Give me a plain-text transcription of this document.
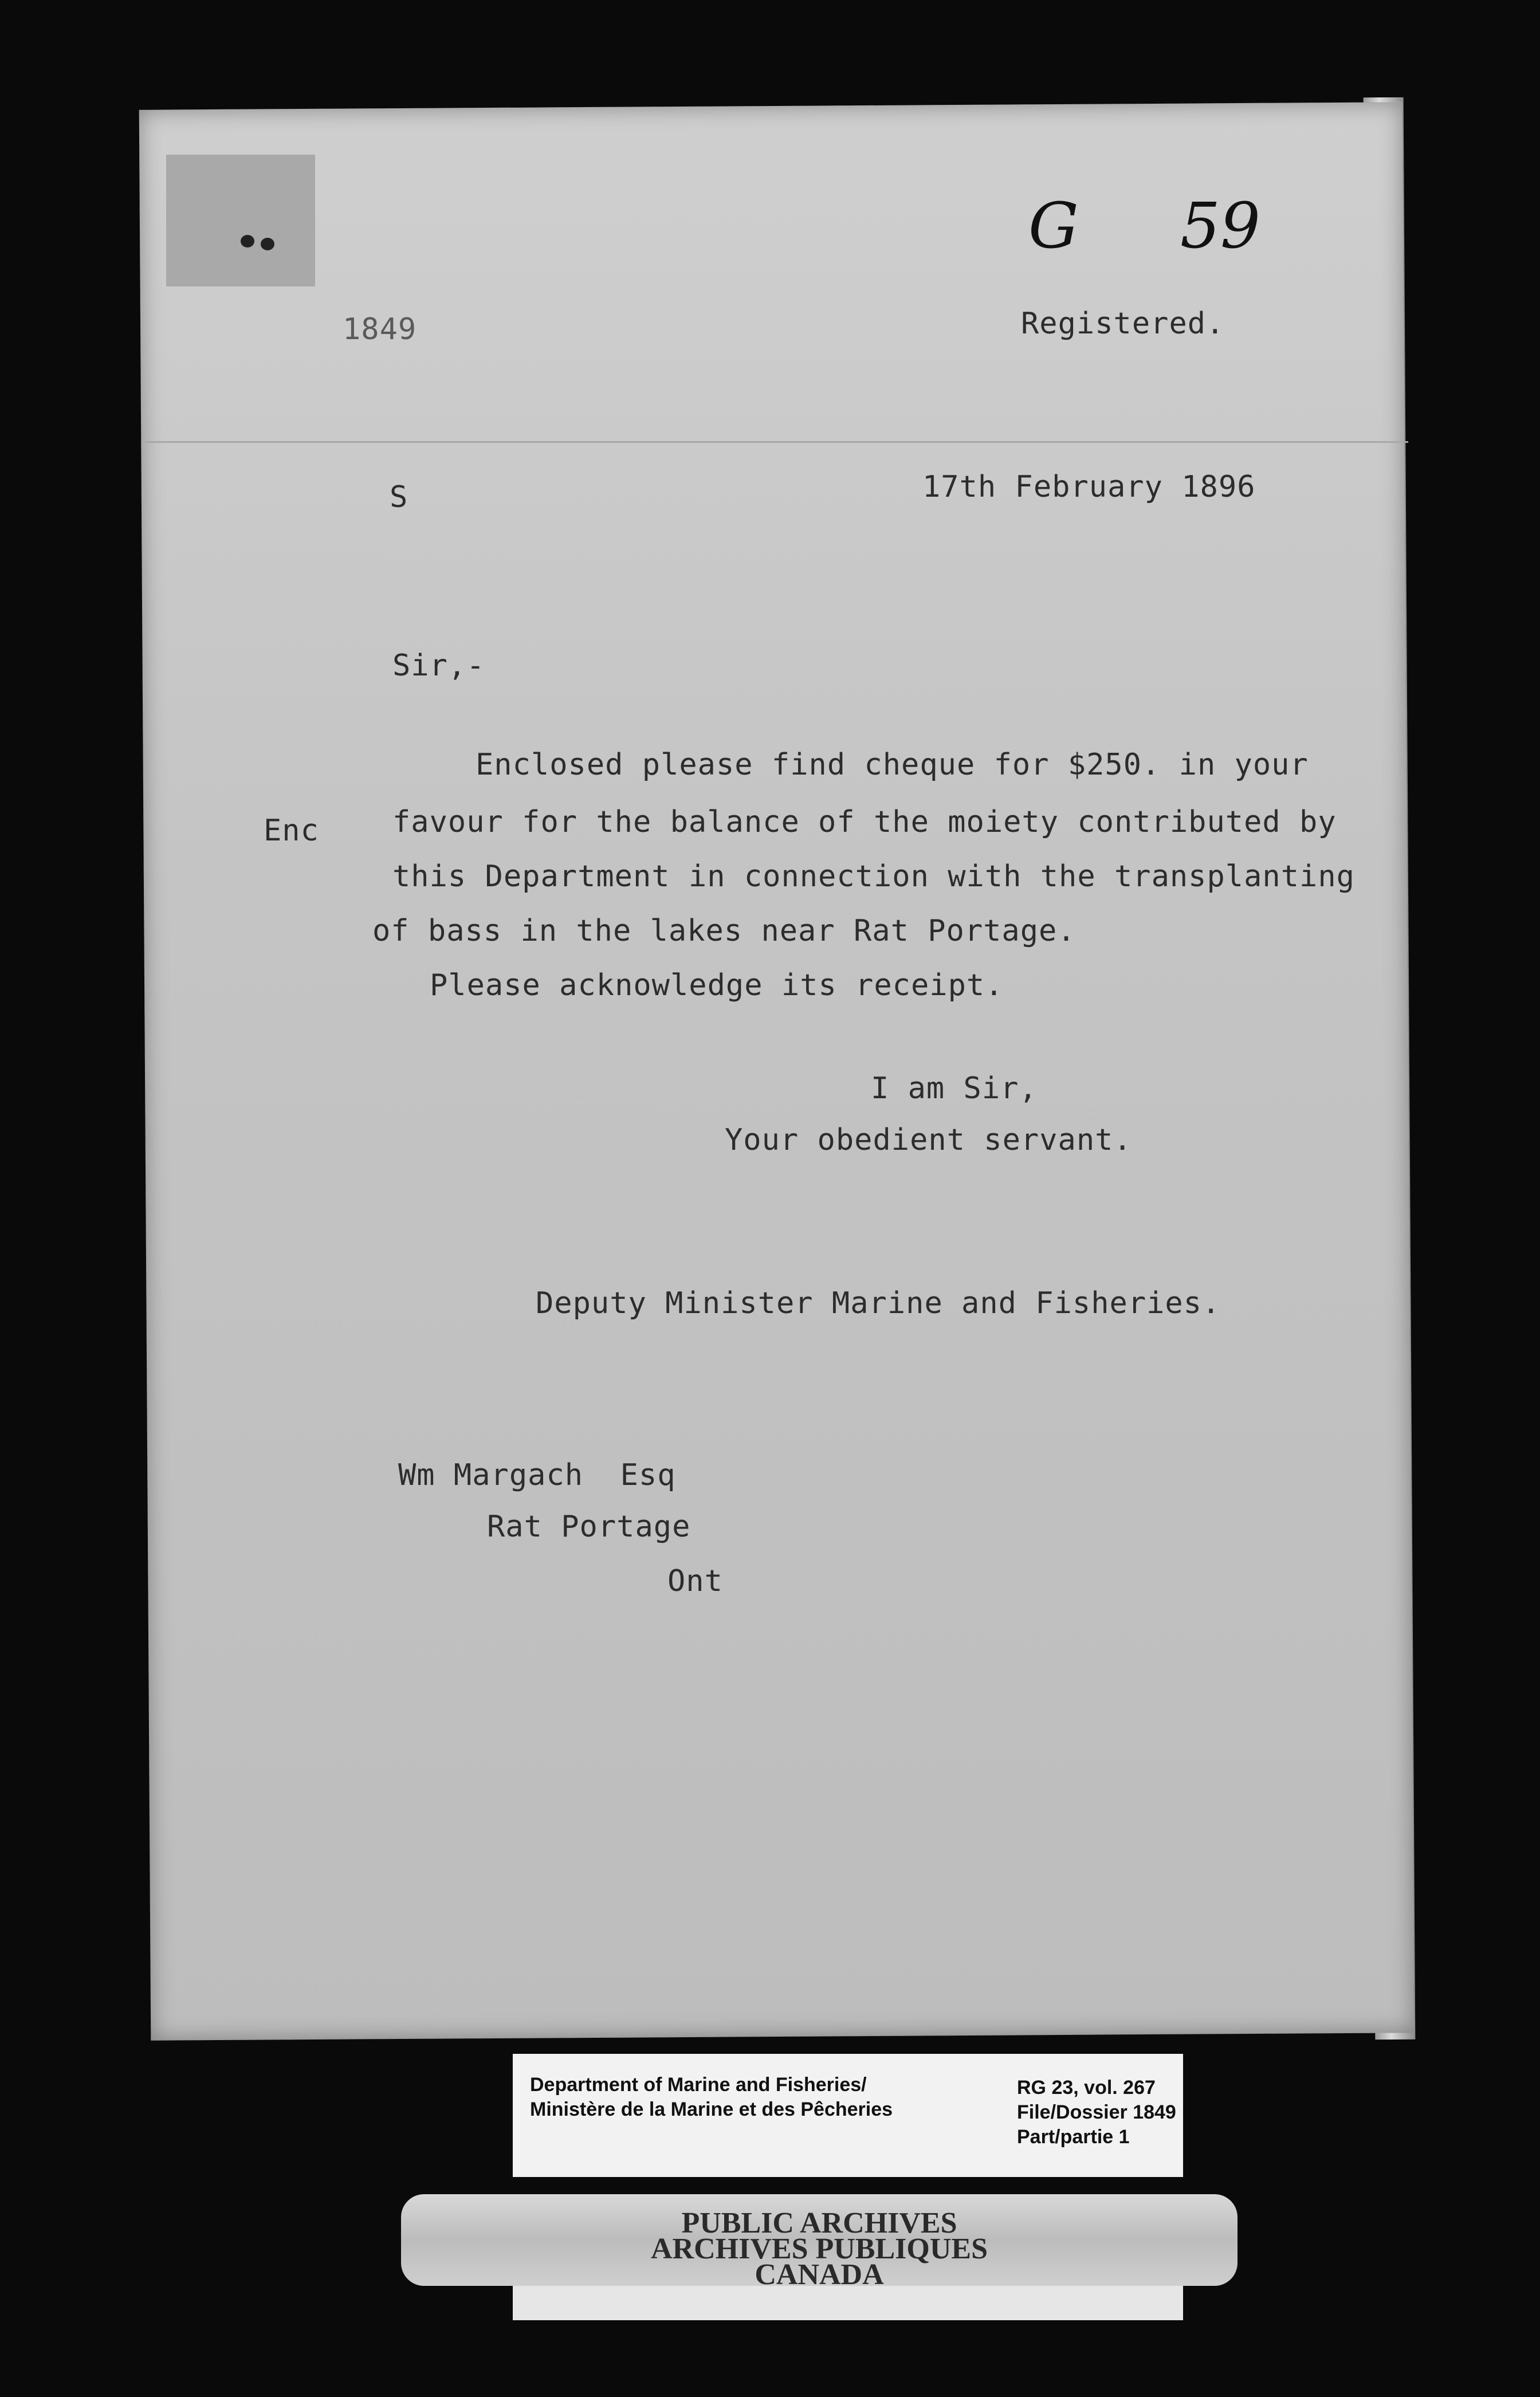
G 59
1849	Registered.
S	17th February 1896
Sir,-
Enc
Enclosed please find cheque for $250. in your
favour for the balance of the moiety contributed by
this Department in connection with the transplanting
of bass in the lakes near Rat Portage.
Please acknowledge its receipt.
I am Sir,
Your obedient servant.
Deputy Minister Marine and Fisheries.
Wm Margach  Esq
Rat Portage
Ont
Department of Marine and Fisheries/
Ministère de la Marine et des Pêcheries
RG 23, vol. 267
File/Dossier 1849
Part/partie 1
PUBLIC ARCHIVES
ARCHIVES PUBLIQUES
CANADA
